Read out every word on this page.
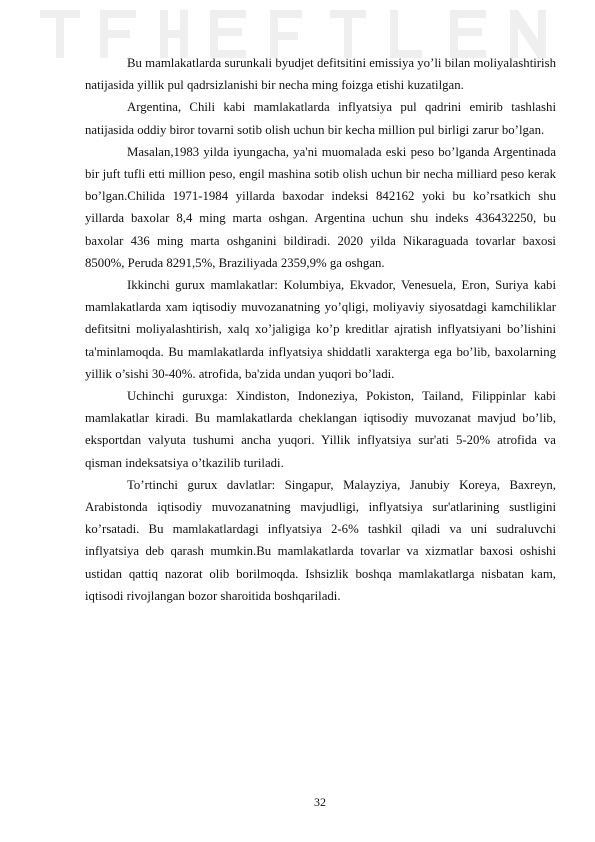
Bu mamlakatlarda surunkali byudjet defitsitini emissiya yo’li bilan moliyalashtirish natijasida yillik pul qadrsizlanishi bir necha ming foizga etishi kuzatilgan.

Argentina, Chili kabi mamlakatlarda inflyatsiya pul qadrini emirib tashlashi natijasida oddiy biror tovarni sotib olish uchun bir kecha million pul birligi zarur bo’lgan.

Masalan,1983 yilda iyungacha, ya'ni muomalada eski peso bo’lganda Argentinada bir juft tufli etti million peso, engil mashina sotib olish uchun bir necha milliard peso kerak bo’lgan.Chilida 1971-1984 yillarda baxodar indeksi 842162 yoki bu ko’rsatkich shu yillarda baxolar 8,4 ming marta oshgan. Argentina uchun shu indeks 436432250, bu baxolar 436 ming marta oshganini bildiradi. 2020 yilda Nikaraguada tovarlar baxosi 8500%, Peruda 8291,5%, Braziliyada 2359,9% ga oshgan.

Ikkinchi gurux mamlakatlar: Kolumbiya, Ekvador, Venesuela, Eron, Suriya kabi mamlakatlarda xam iqtisodiy muvozanatning yo’qligi, moliyaviy siyosatdagi kamchiliklar defitsitni moliyalashtirish, xalq xo’jaligiga ko’p kreditlar ajratish inflyatsiyani bo’lishini ta'minlamoqda. Bu mamlakatlarda inflyatsiya shiddatli xarakterga ega bo’lib, baxolarning yillik o’sishi 30-40%. atrofida, ba'zida undan yuqori bo’ladi.

Uchinchi guruxga: Xindiston, Indoneziya, Pokiston, Tailand, Filippinlar kabi mamlakatlar kiradi. Bu mamlakatlarda cheklangan iqtisodiy muvozanat mavjud bo’lib, eksportdan valyuta tushumi ancha yuqori. Yillik inflyatsiya sur'ati 5-20% atrofida va qisman indeksatsiya o’tkazilib turiladi.

To’rtinchi gurux davlatlar: Singapur, Malayziya, Janubiy Koreya, Baxreyn, Arabistonda iqtisodiy muvozanatning mavjudligi, inflyatsiya sur'atlarining sustligini ko’rsatadi. Bu mamlakatlardagi inflyatsiya 2-6% tashkil qiladi va uni sudraluvchi inflyatsiya deb qarash mumkin.Bu mamlakatlarda tovarlar va xizmatlar baxosi oshishi ustidan qattiq nazorat olib borilmoqda. Ishsizlik boshqa mamlakatlarga nisbatan kam, iqtisodi rivojlangan bozor sharoitida boshqariladi.

32
